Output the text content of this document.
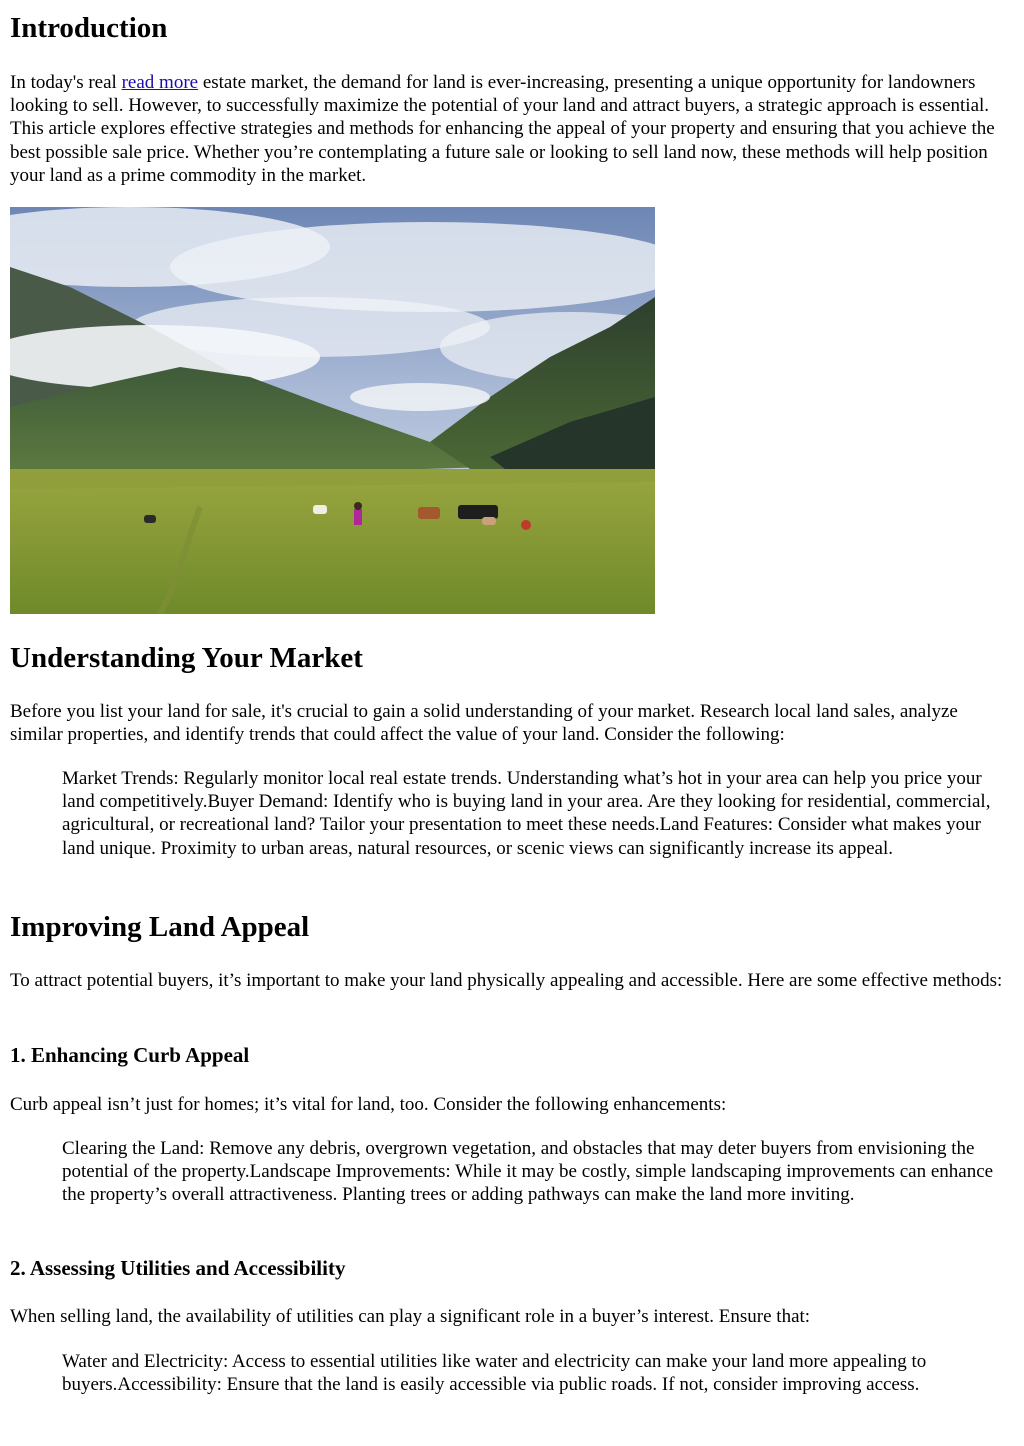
Introduction

In today's real read more estate market, the demand for land is ever-increasing, presenting a unique opportunity for landowners looking to sell. However, to successfully maximize the potential of your land and attract buyers, a strategic approach is essential. This article explores effective strategies and methods for enhancing the appeal of your property and ensuring that you achieve the best possible sale price. Whether you’re contemplating a future sale or looking to sell land now, these methods will help position your land as a prime commodity in the market.

Understanding Your Market

Before you list your land for sale, it's crucial to gain a solid understanding of your market. Research local land sales, analyze similar properties, and identify trends that could affect the value of your land. Consider the following:

Market Trends: Regularly monitor local real estate trends. Understanding what’s hot in your area can help you price your land competitively.Buyer Demand: Identify who is buying land in your area. Are they looking for residential, commercial, agricultural, or recreational land? Tailor your presentation to meet these needs.Land Features: Consider what makes your land unique. Proximity to urban areas, natural resources, or scenic views can significantly increase its appeal.
Improving Land Appeal

To attract potential buyers, it’s important to make your land physically appealing and accessible. Here are some effective methods:

1. Enhancing Curb Appeal

Curb appeal isn’t just for homes; it’s vital for land, too. Consider the following enhancements:

Clearing the Land: Remove any debris, overgrown vegetation, and obstacles that may deter buyers from envisioning the potential of the property.Landscape Improvements: While it may be costly, simple landscaping improvements can enhance the property’s overall attractiveness. Planting trees or adding pathways can make the land more inviting.
2. Assessing Utilities and Accessibility

When selling land, the availability of utilities can play a significant role in a buyer’s interest. Ensure that:

Water and Electricity: Access to essential utilities like water and electricity can make your land more appealing to buyers.Accessibility: Ensure that the land is easily accessible via public roads. If not, consider improving access.
